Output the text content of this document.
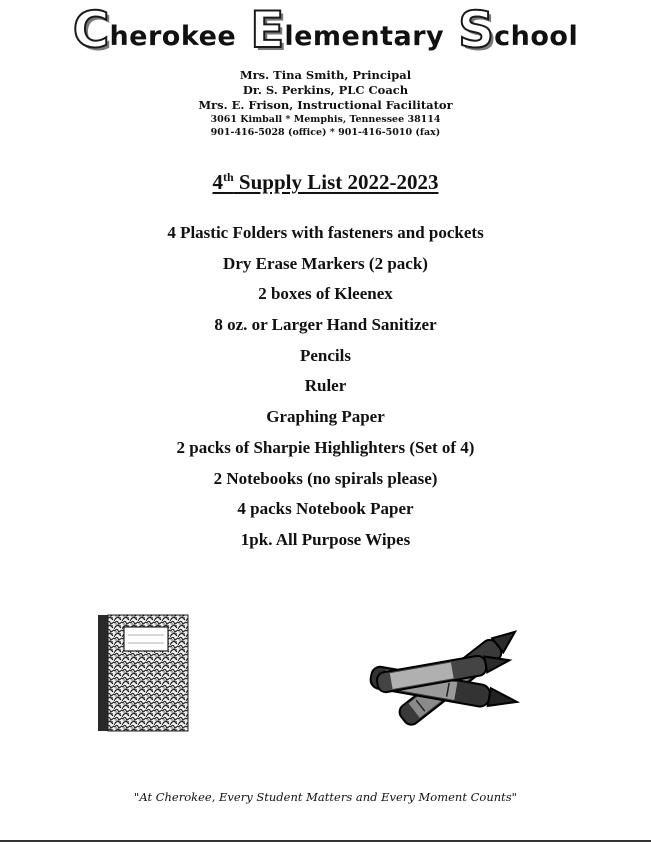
C herokee E lementary S chool
Mrs. Tina Smith, Principal
Dr. S. Perkins, PLC Coach
Mrs. E. Frison, Instructional Facilitator
3061 Kimball * Memphis, Tennessee 38114
901-416-5028 (office) * 901-416-5010 (fax)
4th Supply List 2022-2023
4 Plastic Folders with fasteners and pockets
Dry Erase Markers (2 pack)
2 boxes of Kleenex
8 oz. or Larger Hand Sanitizer
Pencils
Ruler
Graphing Paper
2 packs of Sharpie Highlighters (Set of 4)
2 Notebooks (no spirals please)
4 packs Notebook Paper
1pk. All Purpose Wipes
"At Cherokee, Every Student Matters and Every Moment Counts"
